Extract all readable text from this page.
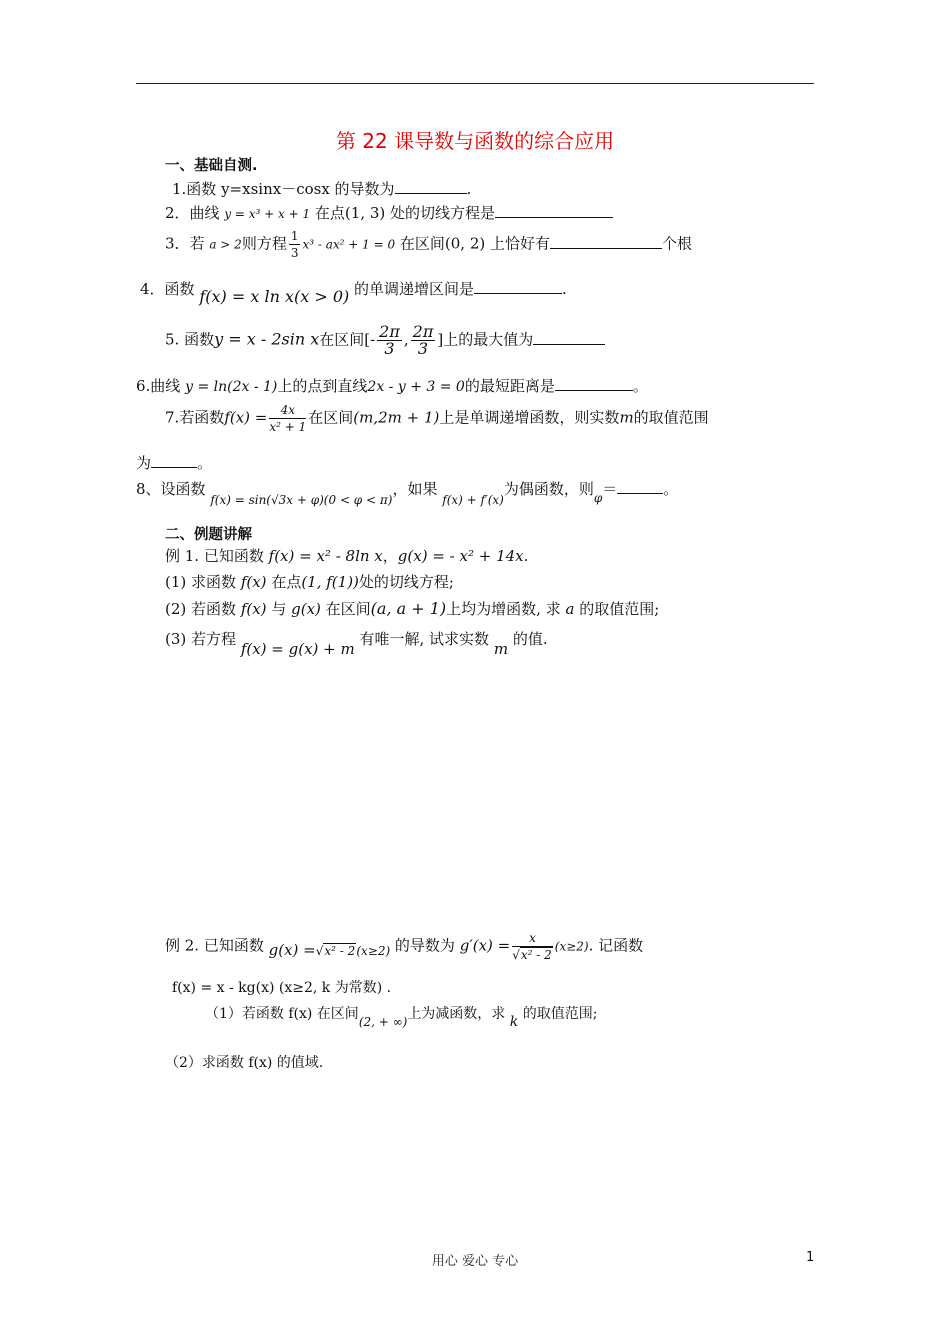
第 22 课导数与函数的综合应用
一、基础自测.
1.函数 y=xsinx－cosx 的导数为	.
2．曲线 y = x³ + x + 1 在点(1, 3) 处的切线方程是
3．若 a > 2则方程 $\frac{1}{3} x^3 - ax^2 + 1 = 0$ 在区间(0, 2) 上恰好有	个根
4．函数 f(x) = x ln x(x > 0) 的单调递增区间是	.
5. 函数y = x - 2sin x在区间[- $\frac{2\pi}{3}$ , $\frac{2\pi}{3}$ ]上的最大值为
6.曲线 y = ln(2x - 1)上的点到直线2x - y + 3 = 0的最短距离是	。
7.若函数$f(x) = \frac{4x}{\text{x² + 1}}$ 在区间(m,2m + 1)上是单调递增函数，则实数m的取值范围
为	。
8、设函数 $_{f(x) = sin(√3x + \varphi)(0 < \varphi < \pi)}$，如果 $_{f(x) + f'(x)}$为偶函数，则$_\varphi$＝	。
二、例题讲解
例 1. 已知函数 f(x) = x² - 8ln x，g(x) = - x² + 14x.
(1) 求函数 f(x) 在点(1, f(1))处的切线方程;
(2) 若函数 f(x) 与 g(x) 在区间(a, a + 1)上均为增函数, 求 a 的取值范围;
(3) 若方程 f(x) = g(x) + m 有唯一解, 试求实数 m 的值.
例 2. 已知函数 $g(x) =_{√x^2 - 2(x\ge 2)}$ 的导数为 $g'(x) = \frac{x}{\text{√x² - 2}} (x\ge 2)$. 记函数
f(x) = x - kg(x) (x≥2, k 为常数) .
（1）若函数 f(x) 在区间(2, + ∞)上为减函数，求 k 的取值范围;
（2）求函数 f(x) 的值域.
用心 爱心 专心	1
